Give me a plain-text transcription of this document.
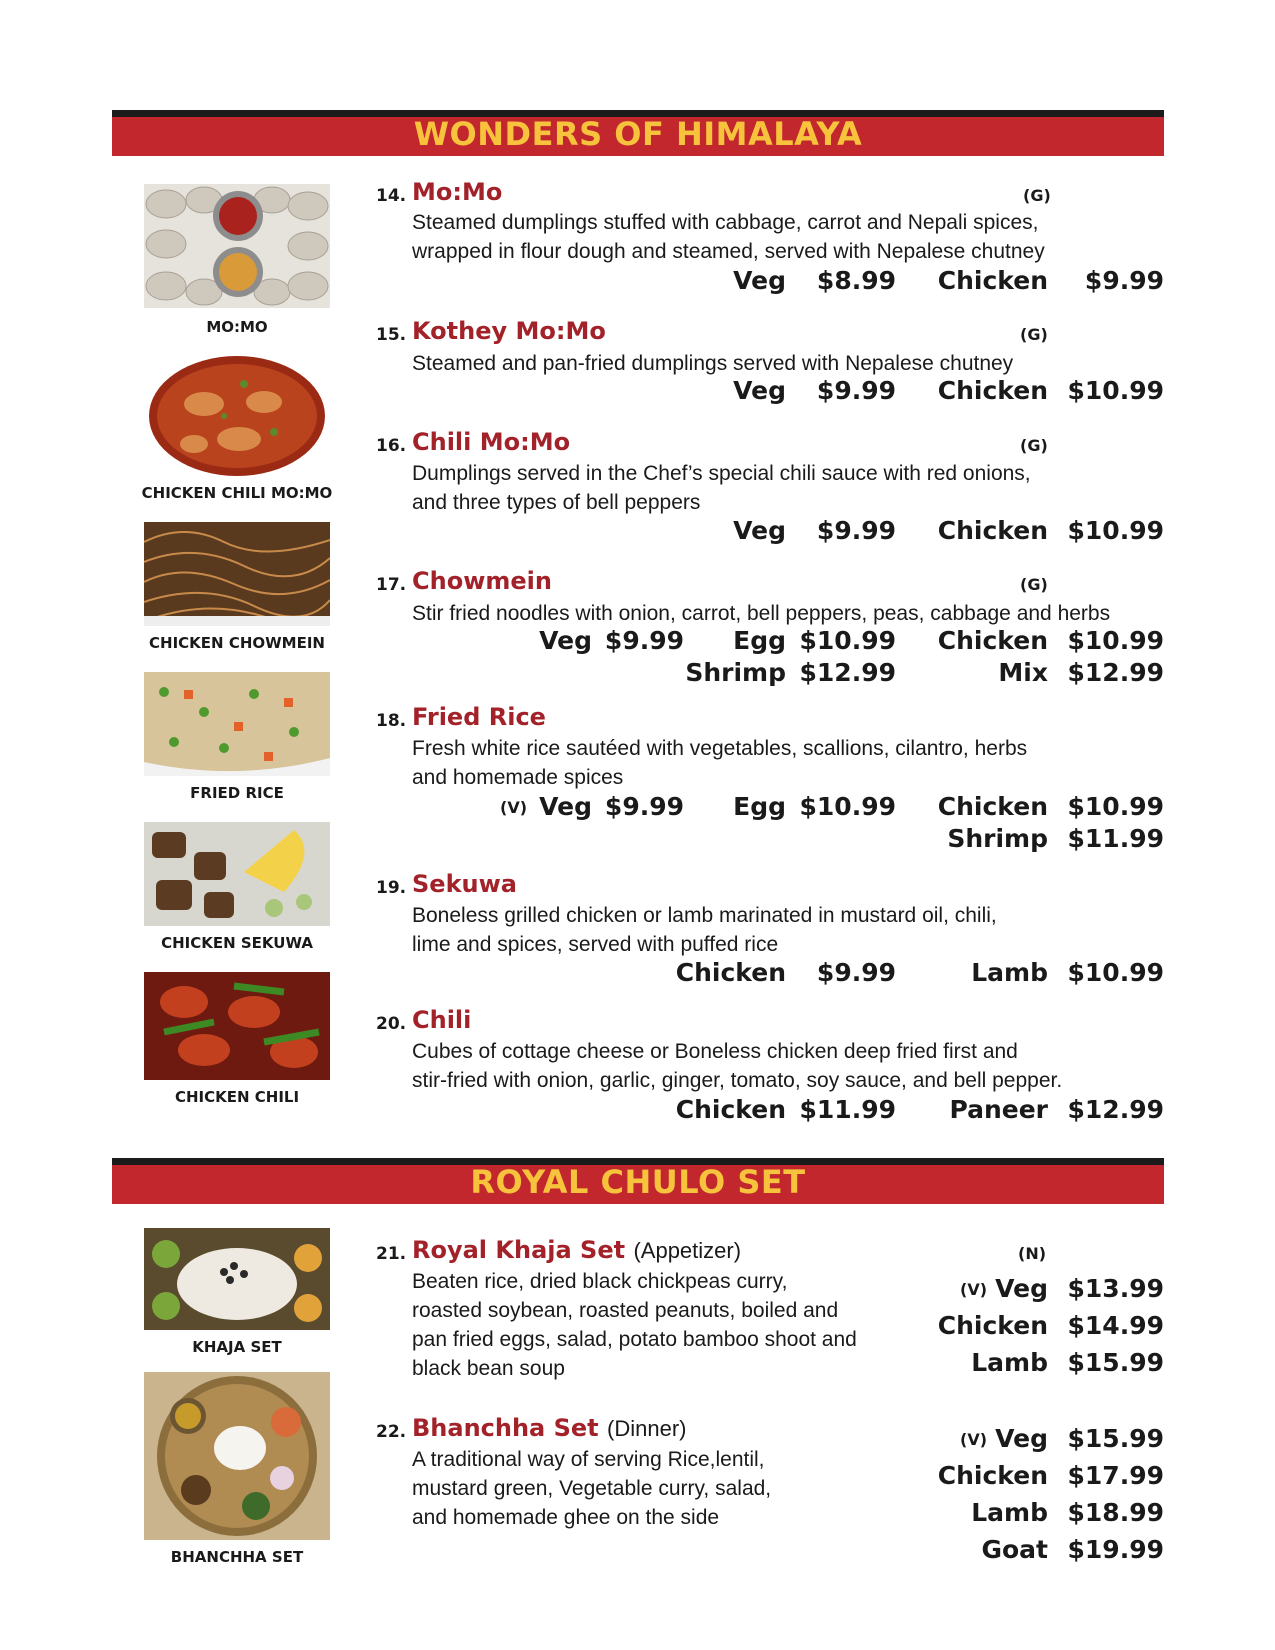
WONDERS OF HIMALAYA
MO:MO
CHICKEN CHILI MO:MO
CHICKEN CHOWMEIN
FRIED RICE
CHICKEN SEKUWA
CHICKEN CHILI
14. Mo:Mo	(G)
Steamed dumplings stuffed with cabbage, carrot and Nepali spices,
wrapped in flour dough and steamed, served with Nepalese chutney
Veg	$8.99	Chicken	$9.99
15. Kothey Mo:Mo	(G)
Steamed and pan-fried dumplings served with Nepalese chutney
Veg	$9.99	Chicken $10.99
16. Chili Mo:Mo	(G)
Dumplings served in the Chef’s special chili sauce with red onions,
and three types of bell peppers
Veg	$9.99	Chicken $10.99
17. Chowmein	(G)
Stir fried noodles with onion, carrot, bell peppers, peas, cabbage and herbs
Veg $9.99	Egg $10.99	Chicken $10.99
Shrimp $12.99	Mix $12.99
18. Fried Rice
Fresh white rice sautéed with vegetables, scallions, cilantro, herbs
and homemade spices
(V) Veg $9.99	Egg $10.99	Chicken $10.99
Shrimp $11.99
19. Sekuwa
Boneless grilled chicken or lamb marinated in mustard oil, chili,
lime and spices, served with puffed rice
Chicken	$9.99	Lamb $10.99
20. Chili
Cubes of cottage cheese or Boneless chicken deep fried first and
stir-fried with onion, garlic, ginger, tomato, soy sauce, and bell pepper.
Chicken $11.99	Paneer $12.99
ROYAL CHULO SET
KHAJA SET
BHANCHHA SET
21. Royal Khaja Set (Appetizer)	(N)
Beaten rice, dried black chickpeas curry,
roasted soybean, roasted peanuts, boiled and
pan fried eggs, salad, potato bamboo shoot and
black bean soup
(V) Veg $13.99
Chicken $14.99
Lamb $15.99
22. Bhanchha Set (Dinner)
A traditional way of serving Rice,lentil,
mustard green, Vegetable curry, salad,
and homemade ghee on the side
(V) Veg $15.99
Chicken $17.99
Lamb $18.99
Goat $19.99
